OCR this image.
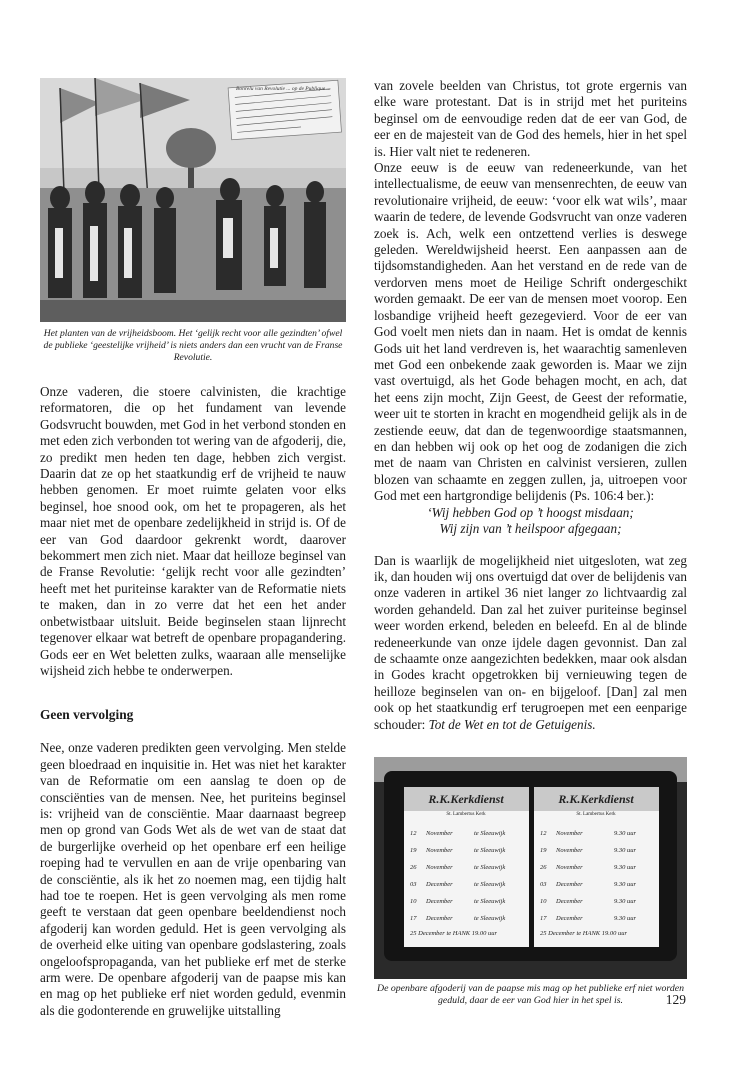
Bonrelu van Revolutie ... op de Publique ...

Het planten van de vrijheidsboom. Het ‘gelijk recht voor alle gezindten’ ofwel de publieke ‘geestelijke vrijheid’ is niets anders dan een vrucht van de Franse Revolutie.

Onze vaderen, die stoere calvinisten, die krachtige reformatoren, die op het fundament van levende Godsvrucht bouwden, met God in het verbond stonden en met eden zich verbonden tot wering van de afgoderij, die, zo predikt men heden ten dage, hebben zich vergist. Daarin dat ze op het staatkundig erf de vrijheid te nauw hebben genomen. Er moet ruimte gelaten voor elks beginsel, hoe snood ook, om het te propageren, als het maar niet met de openbare zedelijkheid in strijd is. Of de eer van God daardoor gekrenkt wordt, daarover bekommert men zich niet. Maar dat heilloze beginsel van de Franse Revolutie: ‘gelijk recht voor alle gezindten’ heeft met het puriteinse karakter van de Reformatie niets te maken, dan in zo verre dat het een het ander onbetwistbaar uitsluit. Beide beginselen staan lijnrecht tegenover elkaar wat betreft de openbare propagandering. Gods eer en Wet beletten zulks, waaraan alle menselijke wijsheid zich hebbe te onderwerpen.

Geen vervolging

Nee, onze vaderen predikten geen vervolging. Men stelde geen bloedraad en inquisitie in. Het was niet het karakter van de Reformatie om een aanslag te doen op de consciënties van de mensen. Nee, het puriteins beginsel is: vrijheid van de consciëntie. Maar daarnaast begreep men op grond van Gods Wet als de wet van de staat dat de burgerlijke overheid op het openbare erf een heilige roeping had te vervullen en aan de vrije openbaring van de consciëntie, als ik het zo noemen mag, een tijdig halt had toe te roepen. Het is geen vervolging als men rome geeft te verstaan dat geen openbare beeldendienst noch afgoderij kan worden geduld. Het is geen vervolging als de overheid elke uiting van openbare godslastering, zoals ongeloofspropaganda, van het publieke erf met de sterke arm were. De openbare afgoderij van de paapse mis kan en mag op het publieke erf niet worden geduld, evenmin als die godonterende en gruwelijke uitstalling

van zovele beelden van Christus, tot grote ergernis van elke ware protestant. Dat is in strijd met het puriteins beginsel om de eenvoudige reden dat de eer van God, de eer en de majesteit van de God des hemels, hier in het spel is. Hier valt niet te redeneren.

Onze eeuw is de eeuw van redeneerkunde, van het intellectualisme, de eeuw van mensenrechten, de eeuw van revolutionaire vrijheid, de eeuw: ‘voor elk wat wils’, maar waarin de tedere, de levende Godsvrucht van onze vaderen zoek is. Ach, welk een ontzettend verlies is deswege geleden. Wereldwijsheid heerst. Een aanpassen aan de tijdsomstandigheden. Aan het verstand en de rede van de verdorven mens moet de Heilige Schrift ondergeschikt worden gemaakt. De eer van de mensen moet voorop. Een losbandige vrijheid heeft gezegevierd. Voor de eer van God voelt men niets dan in naam. Het is omdat de kennis Gods uit het land verdreven is, het waarachtig samenleven met God een onbekende zaak geworden is. Maar we zijn vast overtuigd, als het Gode behagen mocht, en ach, dat het eens zijn mocht, Zijn Geest, de Geest der reformatie, weer uit te storten in kracht en mogendheid gelijk als in de zestiende eeuw, dat dan de tegenwoordige staatsmannen, en dan hebben wij ook op het oog de zodanigen die zich met de naam van Christen en calvinist versieren, zullen blozen van schaamte en zeggen zullen, ja, uitroepen voor God met een hartgrondige belijdenis (Ps. 106:4 ber.):

‘Wij hebben God op ’t hoogst misdaan;

Wij zijn van ’t heilspoor afgegaan;

Dan is waarlijk de mogelijkheid niet uitgesloten, wat zeg ik, dan houden wij ons overtuigd dat over de belijdenis van onze vaderen in artikel 36 niet langer zo lichtvaardig zal worden gehandeld. Dan zal het zuiver puriteinse beginsel weer worden erkend, beleden en beleefd. En al de blinde redeneerkunde van onze ijdele dagen gevonnist. Dan zal de schaamte onze aangezichten bedekken, maar ook alsdan in Godes kracht opgetrokken bij vernieuwing tegen de heilloze beginselen van on- en bijgeloof. [Dan] zal men ook op het staatkundig erf terugroepen met een eenparige schouder: Tot de Wet en tot de Getuigenis.

R.K.Kerkdienst
St. Lambertus Kerk
R.K.Kerkdienst
St. Lambertus Kerk
12 November	te Sleeuwijk
19 November	te Sleeuwijk
26 November	te Sleeuwijk
03 December	te Sleeuwijk
10 December	te Sleeuwijk
17 December	te Sleeuwijk
12 November	9.30 uur
19 November	9.30 uur
26 November	9.30 uur
03 December	9.30 uur
10 December	9.30 uur
17 December	9.30 uur
25 December te HANK 19.00 uur	25 December te HANK 19.00 uur

De openbare afgoderij van de paapse mis mag op het publieke erf niet worden geduld, daar de eer van God hier in het spel is.	129
